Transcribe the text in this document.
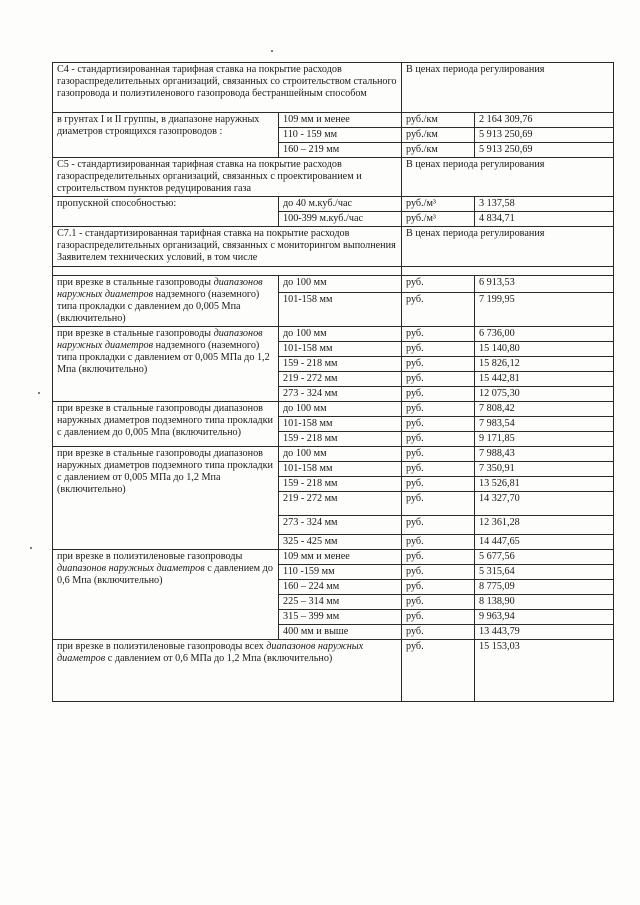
С4 - стандартизированная тарифная ставка на покрытие расходов газораспределительных организаций, связанных со строительством стального газопровода и полиэтиленового газопровода бестраншейным способом		В ценах периода регулирования	
в грунтах I и II группы, в диапазоне наружных диаметров строящихся газопроводов :	109 мм и менее	руб./км	2 164 309,76
	110 - 159 мм	руб./км	5 913 250,69
	160 – 219 мм	руб./км	5 913 250,69
С5 - стандартизированная тарифная ставка на покрытие расходов газораспределительных организаций, связанных с проектированием и строительством пунктов редуцирования газа		В ценах периода регулирования	
пропускной способностью:	до 40 м.куб./час	руб./м³	3 137,58
	100-399 м.куб./час	руб./м³	4 834,71
С7.1 - стандартизированная тарифная ставка на покрытие расходов газораспределительных организаций, связанных с мониторингом выполнения Заявителем технических условий, в том числе		В ценах периода регулирования	

при врезке в стальные газопроводы диапазонов наружных диаметров надземного (наземного) типа прокладки с давлением до 0,005 Мпа (включительно)	до 100 мм	руб.	6 913,53
	101-158 мм	руб.	7 199,95
при врезке в стальные газопроводы диапазонов наружных диаметров надземного (наземного) типа прокладки с давлением от 0,005 МПа до 1,2 Мпа (включительно)	до 100 мм	руб.	6 736,00
	101-158 мм	руб.	15 140,80
	159 - 218 мм	руб.	15 826,12
	219 - 272 мм	руб.	15 442,81
	273 - 324 мм	руб.	12 075,30
при врезке в стальные газопроводы диапазонов наружных диаметров подземного типа прокладки с давлением до 0,005 Мпа (включительно)	до 100 мм	руб.	7 808,42
	101-158 мм	руб.	7 983,54
	159 - 218 мм	руб.	9 171,85
при врезке в стальные газопроводы диапазонов наружных диаметров подземного типа прокладки с давлением от 0,005 МПа до 1,2 Мпа (включительно)	до 100 мм	руб.	7 988,43
	101-158 мм	руб.	7 350,91
	159 - 218 мм	руб.	13 526,81
	219 - 272 мм	руб.	14 327,70
	273 - 324 мм	руб.	12 361,28
	325 - 425 мм	руб.	14 447,65
при врезке в полиэтиленовые газопроводы диапазонов наружных диаметров с давлением до 0,6 Мпа (включительно)	109 мм и менее	руб.	5 677,56
	110 -159 мм	руб.	5 315,64
	160 – 224 мм	руб.	8 775,09
	225 – 314 мм	руб.	8 138,90
	315 – 399 мм	руб.	9 963,94
	400 мм и выше	руб.	13 443,79
при врезке в полиэтиленовые газопроводы всех диапазонов наружных диаметров с давлением от 0,6 МПа до 1,2 Мпа (включительно)		руб.	15 153,03
